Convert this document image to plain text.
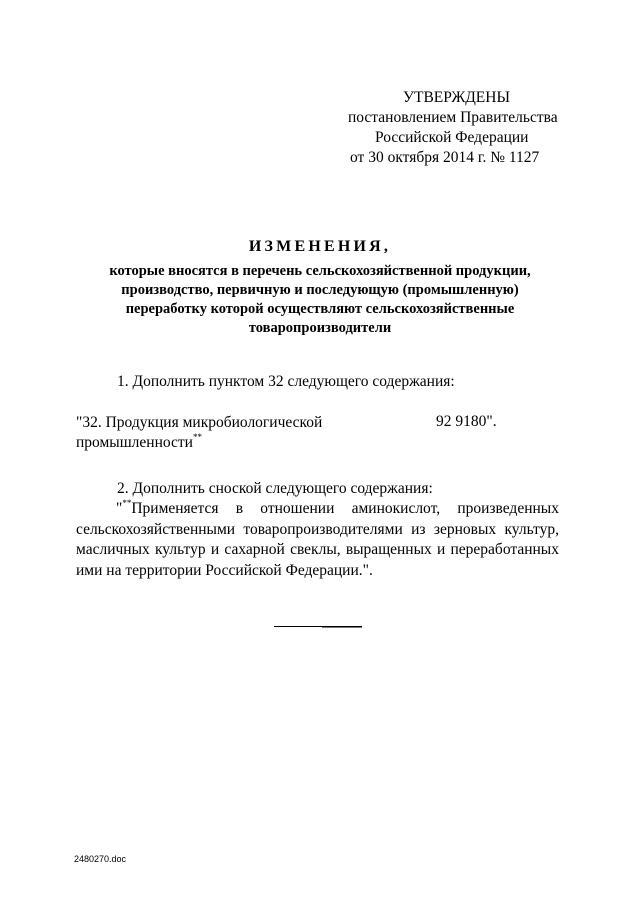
УТВЕРЖДЕНЫ
постановлением Правительства
Российской Федерации
от 30 октября 2014 г. № 1127
ИЗМЕНЕНИЯ,
которые вносятся в перечень сельскохозяйственной продукции,
производство, первичную и последующую (промышленную)
переработку которой осуществляют сельскохозяйственные
товаропроизводители
1. Дополнить пунктом 32 следующего содержания:
"32. Продукция микробиологической
промышленности**
92 9180".
2. Дополнить сноской следующего содержания:
"**Применяется в отношении аминокислот, произведенных
сельскохозяйственными товаропроизводителями из зерновых культур,
масличных культур и сахарной свеклы, выращенных и переработанных
ими на территории Российской Федерации.".
2480270.doc
